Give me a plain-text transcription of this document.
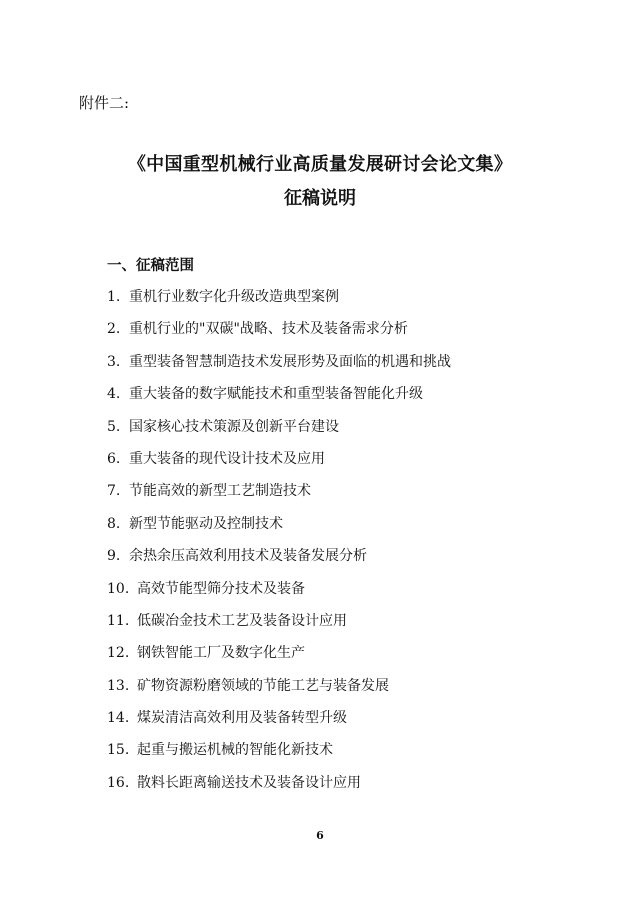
附件二:
《中国重型机械行业高质量发展研讨会论文集》
征稿说明
一、征稿范围
1. 重机行业数字化升级改造典型案例
2. 重机行业的"双碳"战略、技术及装备需求分析
3. 重型装备智慧制造技术发展形势及面临的机遇和挑战
4. 重大装备的数字赋能技术和重型装备智能化升级
5. 国家核心技术策源及创新平台建设
6. 重大装备的现代设计技术及应用
7. 节能高效的新型工艺制造技术
8. 新型节能驱动及控制技术
9. 余热余压高效利用技术及装备发展分析
10. 高效节能型筛分技术及装备
11. 低碳冶金技术工艺及装备设计应用
12. 钢铁智能工厂及数字化生产
13. 矿物资源粉磨领域的节能工艺与装备发展
14. 煤炭清洁高效利用及装备转型升级
15. 起重与搬运机械的智能化新技术
16. 散料长距离输送技术及装备设计应用
6
